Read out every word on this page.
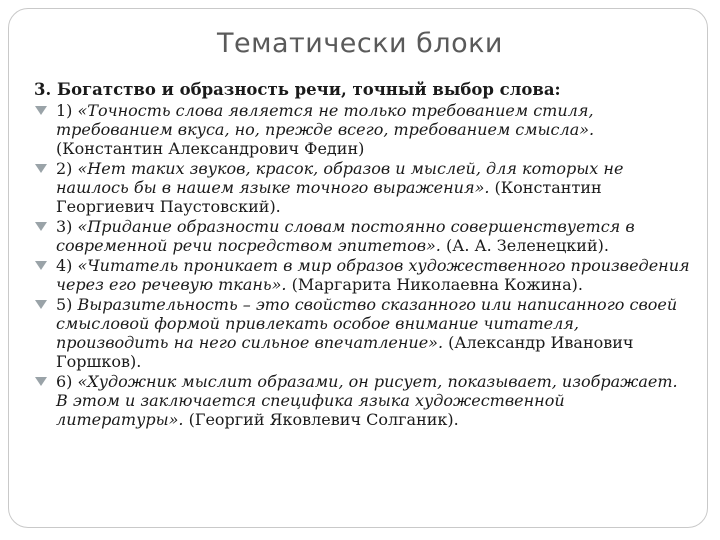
Тематически блоки

3. Богатство и образность речи, точный выбор слова:

1) «Точность слова является не только требованием стиля, требованием вкуса, но, прежде всего, требованием смысла». (Константин Александрович Федин)
2) «Нет таких звуков, красок, образов и мыслей, для которых не нашлось бы в нашем языке точного выражения». (Константин Георгиевич Паустовский).
3) «Придание образности словам постоянно совершенствуется в современной речи посредством эпитетов». (А. А. Зеленецкий).
4) «Читатель проникает в мир образов художественного произведения через его речевую ткань». (Маргарита Николаевна Кожина).
5) Выразительность – это свойство сказанного или написанного своей смысловой формой привлекать особое внимание читателя, производить на него сильное впечатление». (Александр Иванович Горшков).
6) «Художник мыслит образами, он рисует, показывает, изображает. В этом и заключается специфика языка художественной литературы». (Георгий Яковлевич Солганик).
